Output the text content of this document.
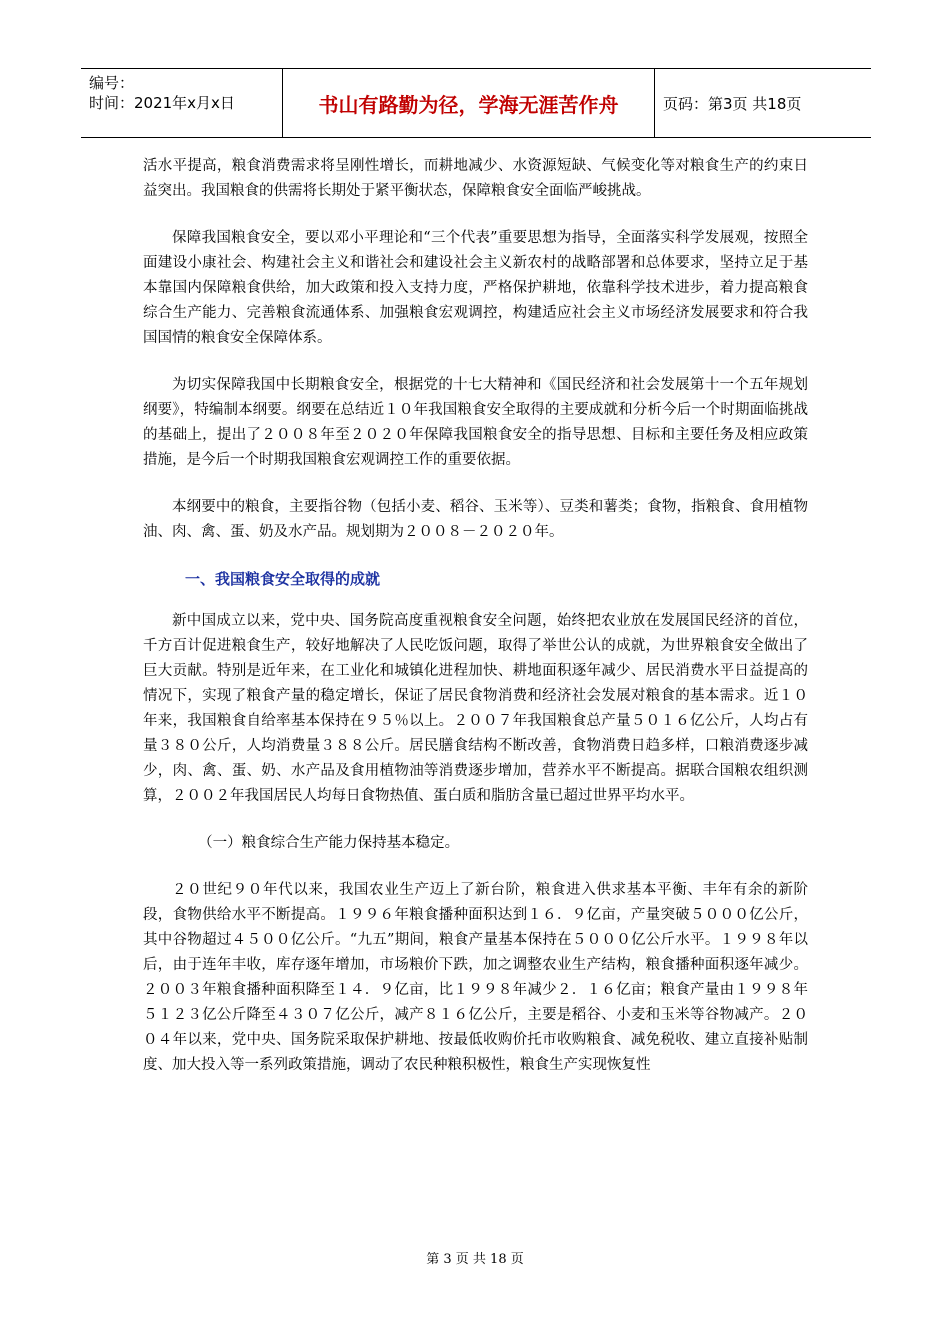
编号：
时间：2021年x月x日	书山有路勤为径，学海无涯苦作舟	页码：第3页 共18页

活水平提高，粮食消费需求将呈刚性增长，而耕地减少、水资源短缺、气候变化等对粮食生产的约束日益突出。我国粮食的供需将长期处于紧平衡状态，保障粮食安全面临严峻挑战。

保障我国粮食安全，要以邓小平理论和“三个代表”重要思想为指导，全面落实科学发展观，按照全面建设小康社会、构建社会主义和谐社会和建设社会主义新农村的战略部署和总体要求，坚持立足于基本靠国内保障粮食供给，加大政策和投入支持力度，严格保护耕地，依靠科学技术进步，着力提高粮食综合生产能力、完善粮食流通体系、加强粮食宏观调控，构建适应社会主义市场经济发展要求和符合我国国情的粮食安全保障体系。

为切实保障我国中长期粮食安全，根据党的十七大精神和《国民经济和社会发展第十一个五年规划纲要》，特编制本纲要。纲要在总结近１０年我国粮食安全取得的主要成就和分析今后一个时期面临挑战的基础上，提出了２００８年至２０２０年保障我国粮食安全的指导思想、目标和主要任务及相应政策措施，是今后一个时期我国粮食宏观调控工作的重要依据。

本纲要中的粮食，主要指谷物（包括小麦、稻谷、玉米等）、豆类和薯类；食物，指粮食、食用植物油、肉、禽、蛋、奶及水产品。规划期为２００８－２０２０年。

一、我国粮食安全取得的成就

新中国成立以来，党中央、国务院高度重视粮食安全问题，始终把农业放在发展国民经济的首位，千方百计促进粮食生产，较好地解决了人民吃饭问题，取得了举世公认的成就，为世界粮食安全做出了巨大贡献。特别是近年来，在工业化和城镇化进程加快、耕地面积逐年减少、居民消费水平日益提高的情况下，实现了粮食产量的稳定增长，保证了居民食物消费和经济社会发展对粮食的基本需求。近１０年来，我国粮食自给率基本保持在９５％以上。２００７年我国粮食总产量５０１６亿公斤，人均占有量３８０公斤，人均消费量３８８公斤。居民膳食结构不断改善，食物消费日趋多样，口粮消费逐步减少，肉、禽、蛋、奶、水产品及食用植物油等消费逐步增加，营养水平不断提高。据联合国粮农组织测算，２００２年我国居民人均每日食物热值、蛋白质和脂肪含量已超过世界平均水平。

（一）粮食综合生产能力保持基本稳定。

２０世纪９０年代以来，我国农业生产迈上了新台阶，粮食进入供求基本平衡、丰年有余的新阶段，食物供给水平不断提高。１９９６年粮食播种面积达到１６．９亿亩，产量突破５０００亿公斤，其中谷物超过４５００亿公斤。“九五”期间，粮食产量基本保持在５０００亿公斤水平。１９９８年以后，由于连年丰收，库存逐年增加，市场粮价下跌，加之调整农业生产结构，粮食播种面积逐年减少。２００３年粮食播种面积降至１４．９亿亩，比１９９８年减少２．１６亿亩；粮食产量由１９９８年５１２３亿公斤降至４３０７亿公斤，减产８１６亿公斤，主要是稻谷、小麦和玉米等谷物减产。２００４年以来，党中央、国务院采取保护耕地、按最低收购价托市收购粮食、减免税收、建立直接补贴制度、加大投入等一系列政策措施，调动了农民种粮积极性，粮食生产实现恢复性

第 3 页 共 18 页
